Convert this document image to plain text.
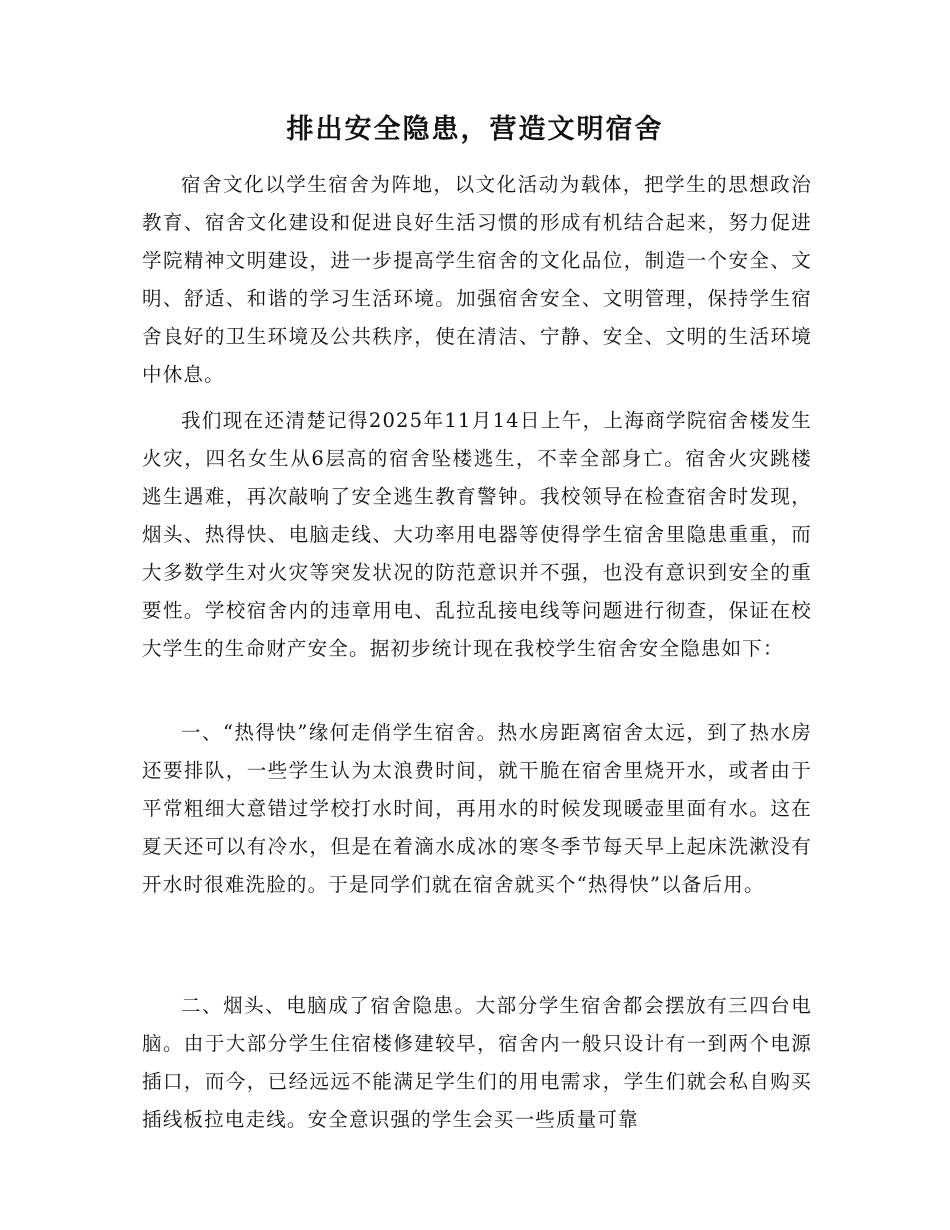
排出安全隐患，营造文明宿舍

宿舍文化以学生宿舍为阵地，以文化活动为载体，把学生的思想政治教育、宿舍文化建设和促进良好生活习惯的形成有机结合起来，努力促进学院精神文明建设，进一步提高学生宿舍的文化品位，制造一个安全、文明、舒适、和谐的学习生活环境。加强宿舍安全、文明管理，保持学生宿舍良好的卫生环境及公共秩序，使在清洁、宁静、安全、文明的生活环境中休息。

我们现在还清楚记得2025年11月14日上午，上海商学院宿舍楼发生火灾，四名女生从6层高的宿舍坠楼逃生，不幸全部身亡。宿舍火灾跳楼逃生遇难，再次敲响了安全逃生教育警钟。我校领导在检查宿舍时发现，烟头、热得快、电脑走线、大功率用电器等使得学生宿舍里隐患重重，而大多数学生对火灾等突发状况的防范意识并不强，也没有意识到安全的重要性。学校宿舍内的违章用电、乱拉乱接电线等问题进行彻查，保证在校大学生的生命财产安全。据初步统计现在我校学生宿舍安全隐患如下：

一、“热得快”缘何走俏学生宿舍。热水房距离宿舍太远，到了热水房还要排队，一些学生认为太浪费时间，就干脆在宿舍里烧开水，或者由于平常粗细大意错过学校打水时间，再用水的时候发现暖壶里面有水。这在夏天还可以有冷水，但是在着滴水成冰的寒冬季节每天早上起床洗漱没有开水时很难洗脸的。于是同学们就在宿舍就买个“热得快”以备后用。

二、烟头、电脑成了宿舍隐患。大部分学生宿舍都会摆放有三四台电脑。由于大部分学生住宿楼修建较早，宿舍内一般只设计有一到两个电源插口，而今，已经远远不能满足学生们的用电需求，学生们就会私自购买插线板拉电走线。安全意识强的学生会买一些质量可靠
